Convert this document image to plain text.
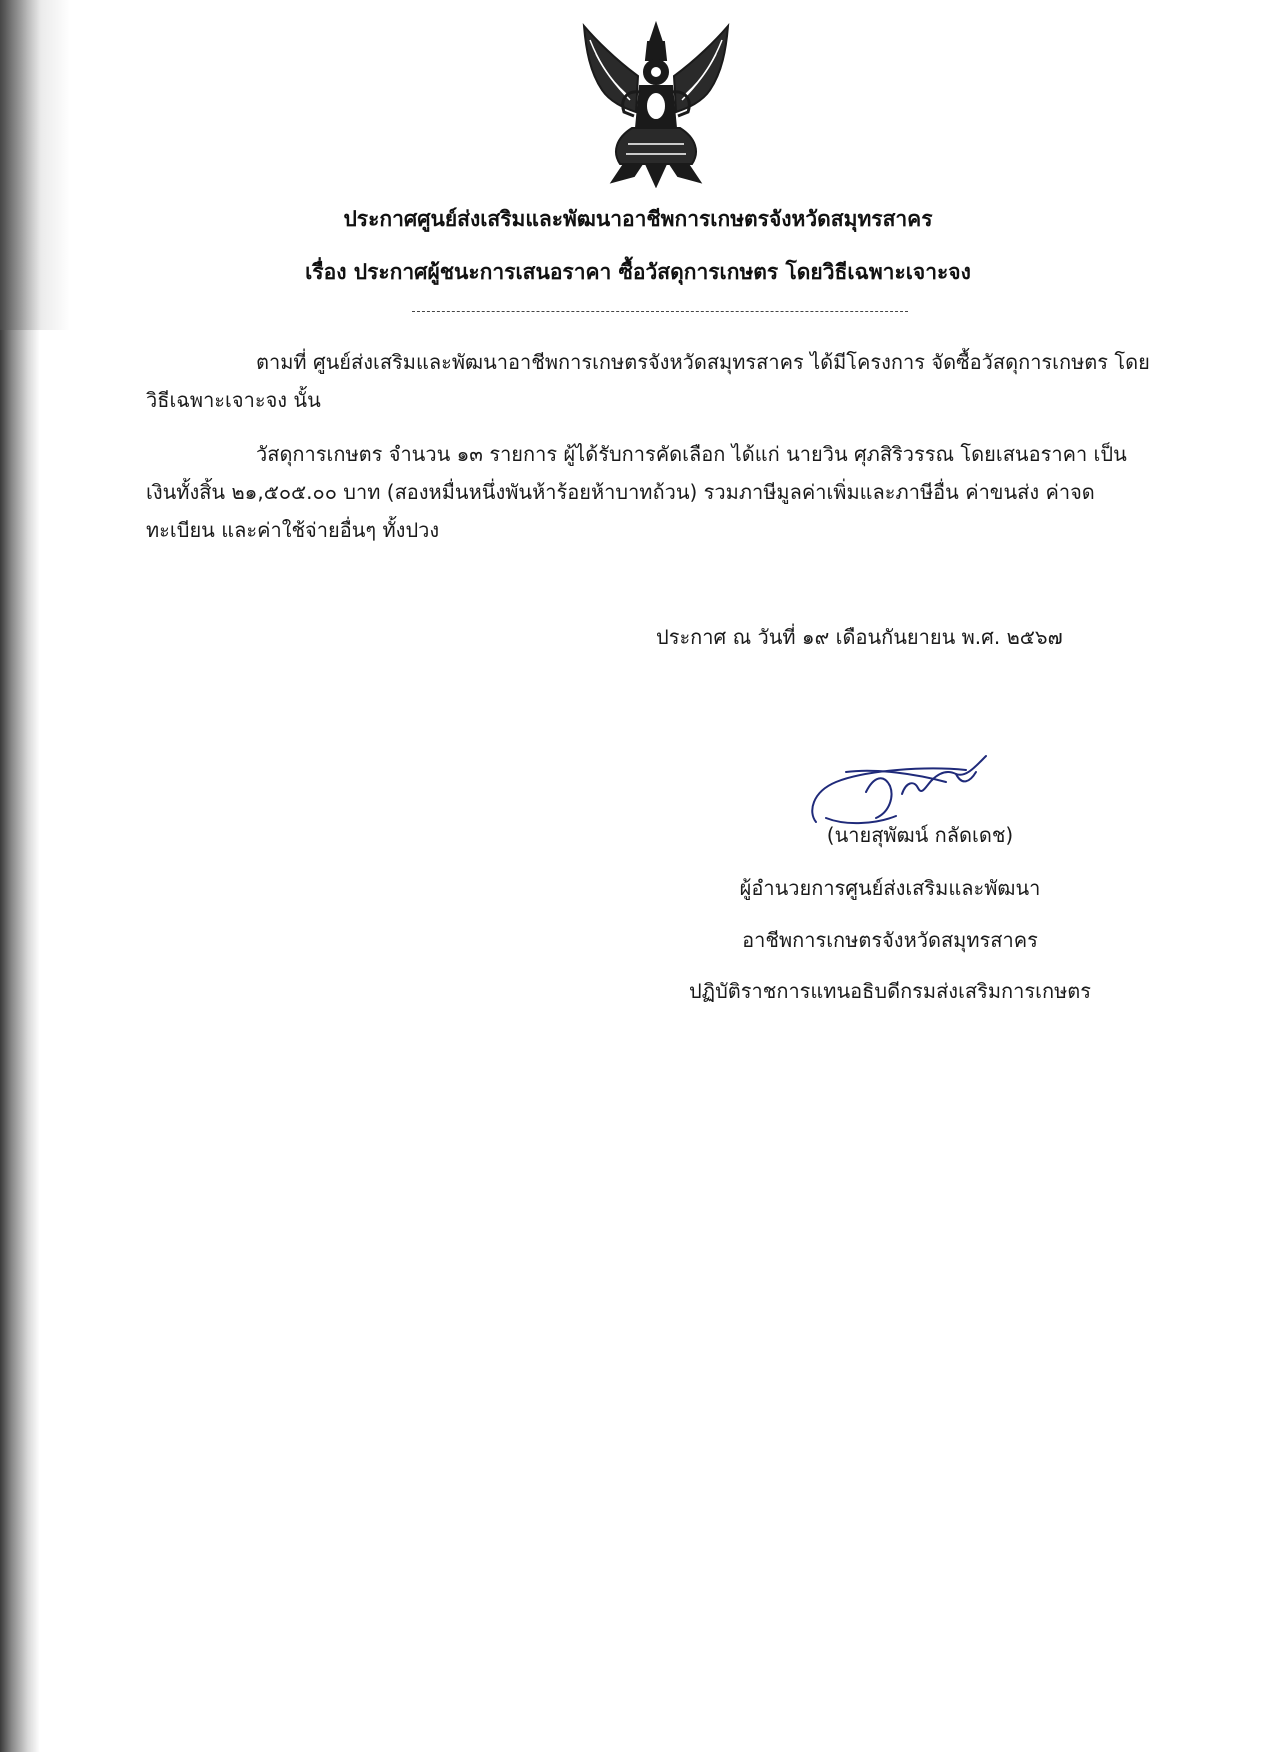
ประกาศศูนย์ส่งเสริมและพัฒนาอาชีพการเกษตรจังหวัดสมุทรสาคร
เรื่อง ประกาศผู้ชนะการเสนอราคา ซื้อวัสดุการเกษตร โดยวิธีเฉพาะเจาะจง
ตามที่ ศูนย์ส่งเสริมและพัฒนาอาชีพการเกษตรจังหวัดสมุทรสาคร ได้มีโครงการ จัดซื้อวัสดุการเกษตร โดยวิธีเฉพาะเจาะจง นั้น
วัสดุการเกษตร จำนวน ๑๓ รายการ ผู้ได้รับการคัดเลือก ได้แก่ นายวิน ศุภสิริวรรณ โดยเสนอราคา เป็นเงินทั้งสิ้น ๒๑,๕๐๕.๐๐ บาท (สองหมื่นหนึ่งพันห้าร้อยห้าบาทถ้วน) รวมภาษีมูลค่าเพิ่มและภาษีอื่น ค่าขนส่ง ค่าจดทะเบียน และค่าใช้จ่ายอื่นๆ ทั้งปวง
ประกาศ ณ วันที่ ๑๙ เดือนกันยายน พ.ศ. ๒๕๖๗
(นายสุพัฒน์ กลัดเดช)
ผู้อำนวยการศูนย์ส่งเสริมและพัฒนา
อาชีพการเกษตรจังหวัดสมุทรสาคร
ปฏิบัติราชการแทนอธิบดีกรมส่งเสริมการเกษตร
